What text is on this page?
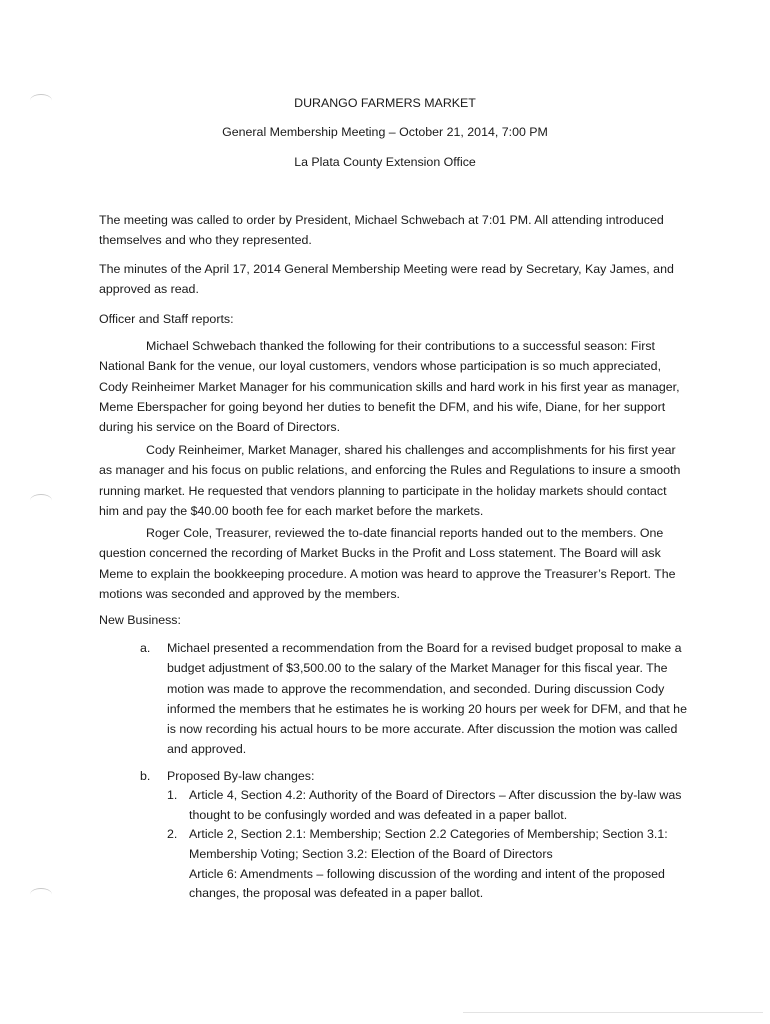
DURANGO FARMERS MARKET
General Membership Meeting – October 21, 2014, 7:00 PM
La Plata County Extension Office

The meeting was called to order by President, Michael Schwebach at 7:01 PM. All attending introduced themselves and who they represented.

The minutes of the April 17, 2014 General Membership Meeting were read by Secretary, Kay James, and approved as read.

Officer and Staff reports:

Michael Schwebach thanked the following for their contributions to a successful season: First National Bank for the venue, our loyal customers, vendors whose participation is so much appreciated, Cody Reinheimer Market Manager for his communication skills and hard work in his first year as manager, Meme Eberspacher for going beyond her duties to benefit the DFM, and his wife, Diane, for her support during his service on the Board of Directors.

Cody Reinheimer, Market Manager, shared his challenges and accomplishments for his first year as manager and his focus on public relations, and enforcing the Rules and Regulations to insure a smooth running market. He requested that vendors planning to participate in the holiday markets should contact him and pay the $40.00 booth fee for each market before the markets.

Roger Cole, Treasurer, reviewed the to-date financial reports handed out to the members. One question concerned the recording of Market Bucks in the Profit and Loss statement. The Board will ask Meme to explain the bookkeeping procedure. A motion was heard to approve the Treasurer’s Report. The motions was seconded and approved by the members.

New Business:

a. Michael presented a recommendation from the Board for a revised budget proposal to make a budget adjustment of $3,500.00 to the salary of the Market Manager for this fiscal year. The motion was made to approve the recommendation, and seconded. During discussion Cody informed the members that he estimates he is working 20 hours per week for DFM, and that he is now recording his actual hours to be more accurate. After discussion the motion was called and approved.
b. Proposed By-law changes:
1. Article 4, Section 4.2: Authority of the Board of Directors – After discussion the by-law was thought to be confusingly worded and was defeated in a paper ballot.
2. Article 2, Section 2.1: Membership; Section 2.2 Categories of Membership; Section 3.1: Membership Voting; Section 3.2: Election of the Board of Directors
Article 6: Amendments – following discussion of the wording and intent of the proposed changes, the proposal was defeated in a paper ballot.
